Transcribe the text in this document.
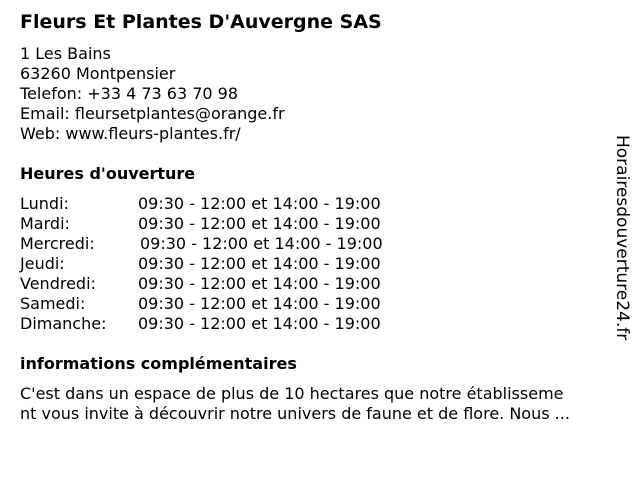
Fleurs Et Plantes D'Auvergne SAS
1 Les Bains
63260 Montpensier
Telefon: +33 4 73 63 70 98
Email: fleursetplantes@orange.fr
Web: www.fleurs-plantes.fr/
Heures d'ouverture
Lundi:	09:30 - 12:00 et 14:00 - 19:00
Mardi:	09:30 - 12:00 et 14:00 - 19:00
Mercredi:	09:30 - 12:00 et 14:00 - 19:00
Jeudi:	09:30 - 12:00 et 14:00 - 19:00
Vendredi:	09:30 - 12:00 et 14:00 - 19:00
Samedi:	09:30 - 12:00 et 14:00 - 19:00
Dimanche: 09:30 - 12:00 et 14:00 - 19:00
informations complémentaires
C'est dans un espace de plus de 10 hectares que notre établisseme
nt vous invite à découvrir notre univers de faune et de flore. Nous ...
Horairesdouverture24.fr
